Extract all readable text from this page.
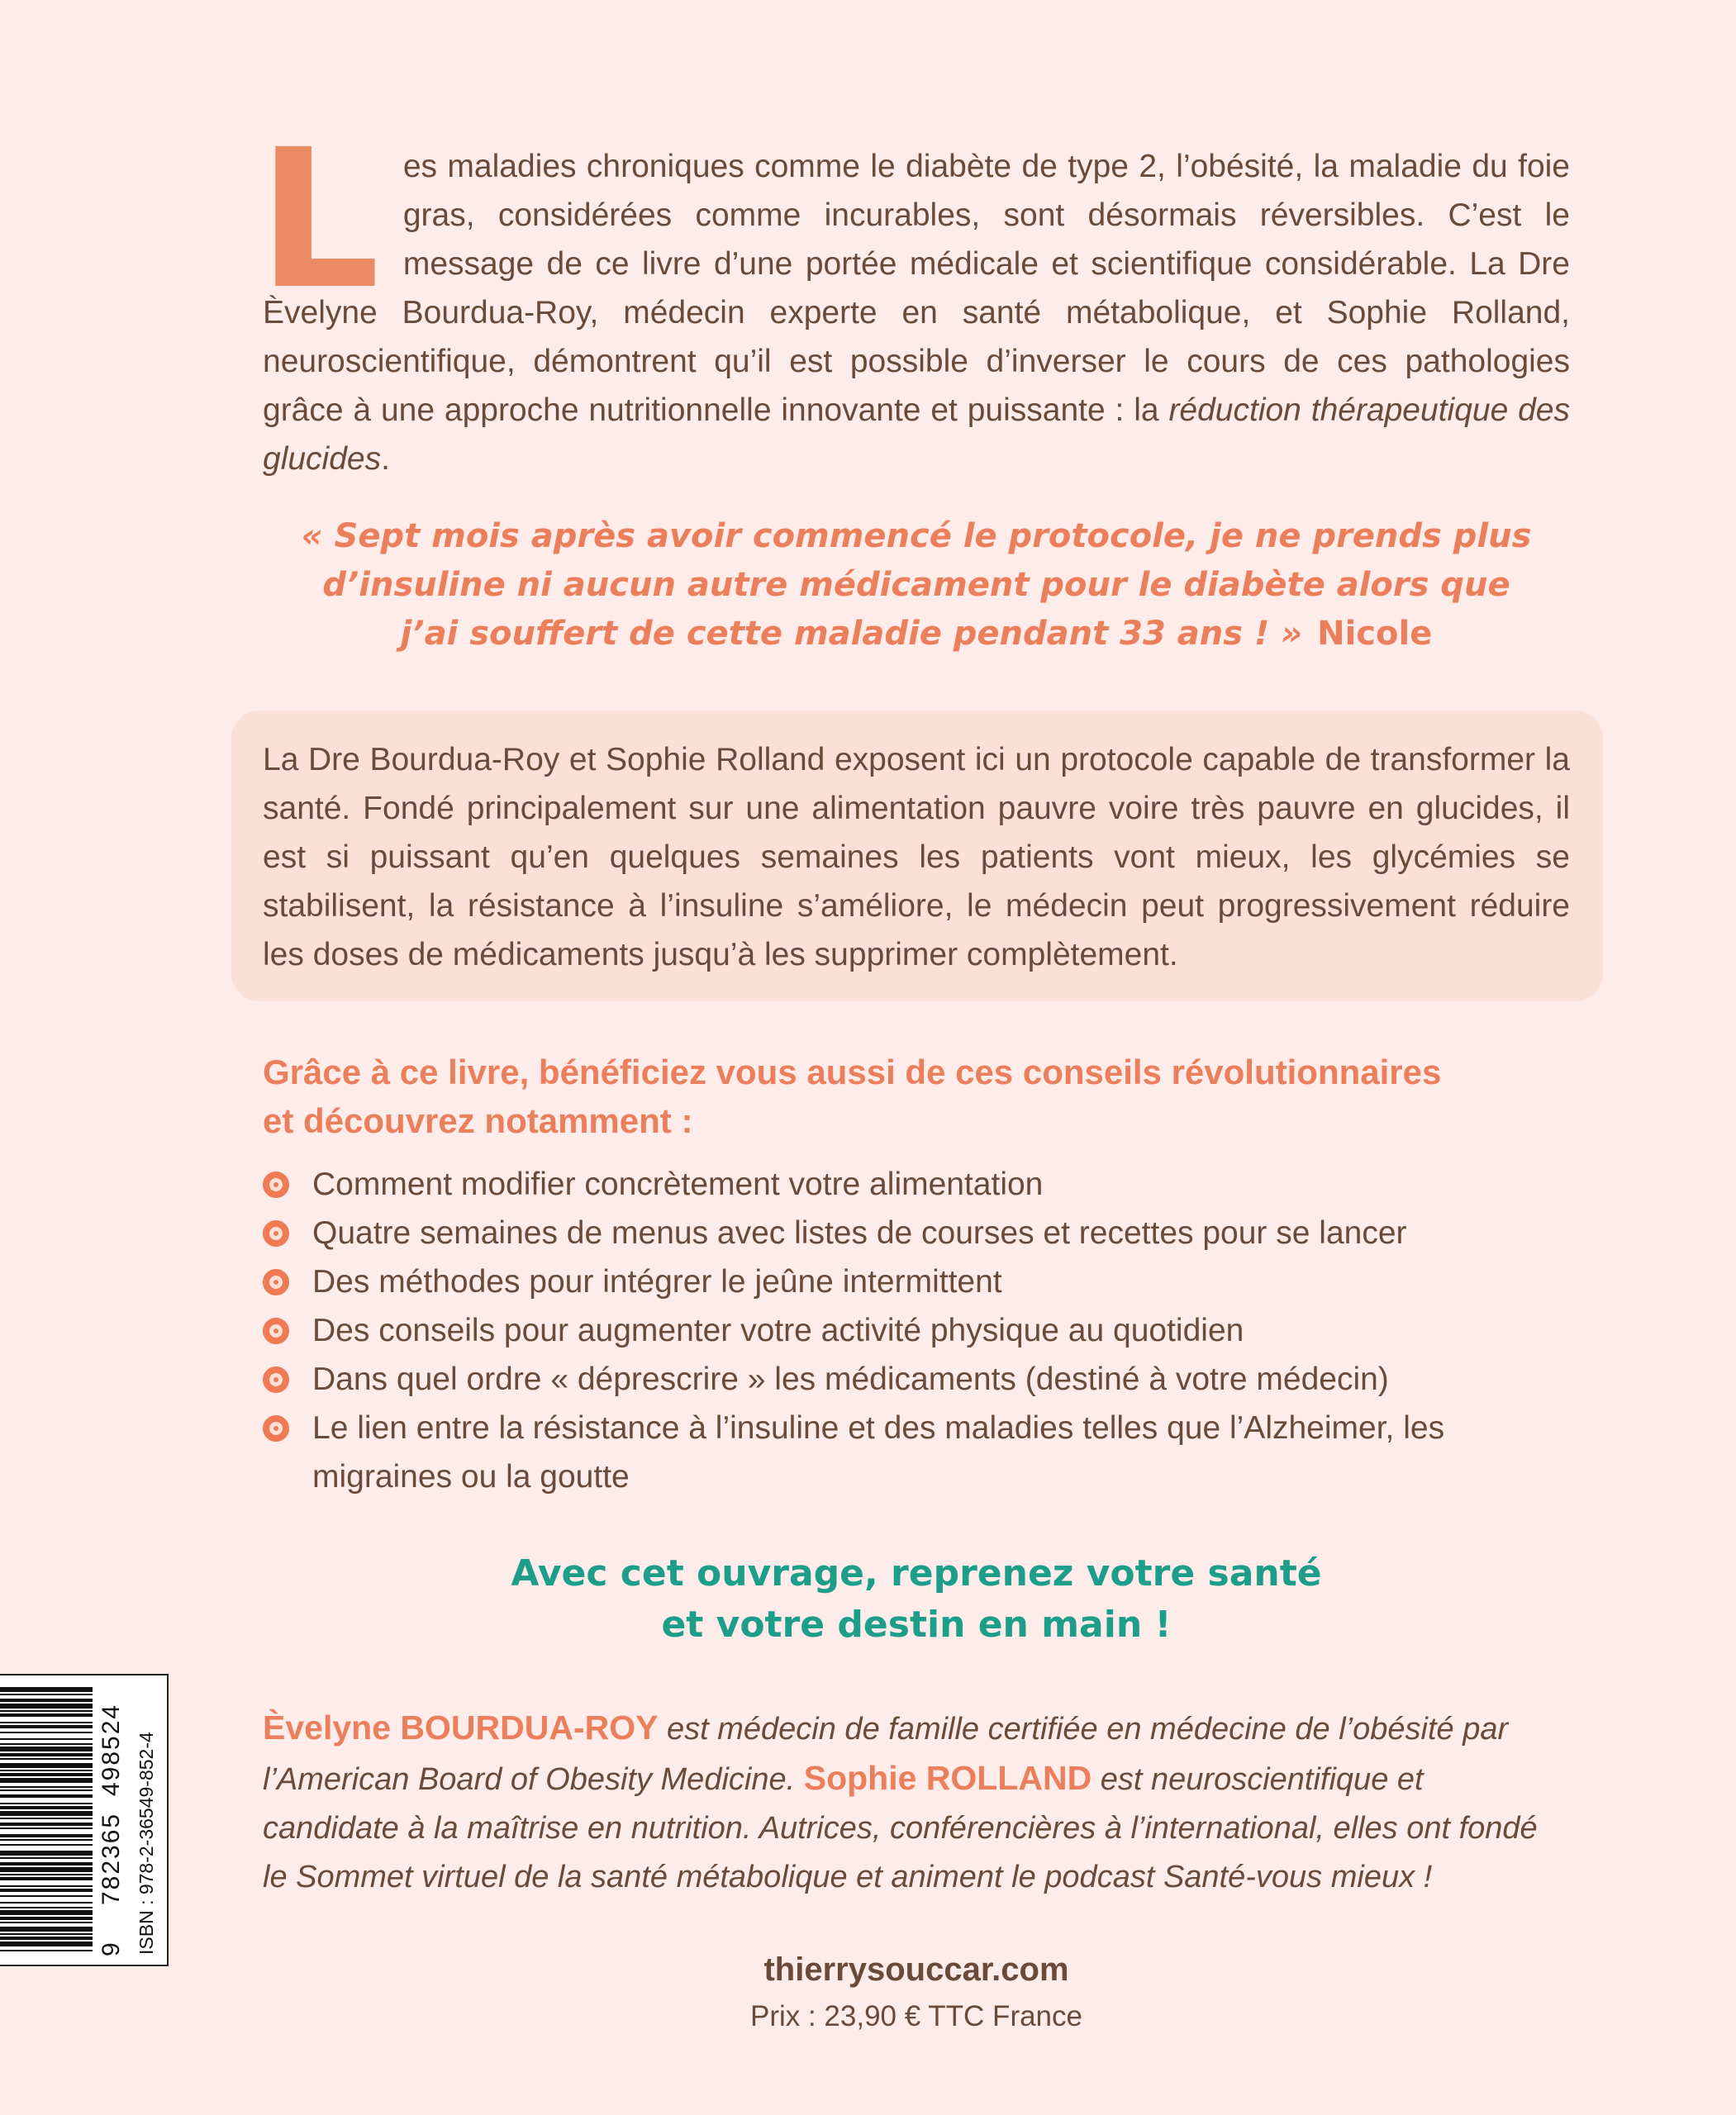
L es maladies chroniques comme le diabète de type 2, l’obésité, la maladie du foie gras, considérées comme incurables, sont désormais réversibles. C’est le message de ce livre d’une portée médicale et scientifique considérable. La Dre Èvelyne Bourdua-Roy, médecin experte en santé métabolique, et Sophie Rolland, neuroscientifique, démontrent qu’il est possible d’inverser le cours de ces pathologies grâce à une approche nutritionnelle innovante et puissante : la réduction thérapeutique des glucides.
« Sept mois après avoir commencé le protocole, je ne prends plus
d’insuline ni aucun autre médicament pour le diabète alors que
j’ai souffert de cette maladie pendant 33 ans ! » Nicole
La Dre Bourdua-Roy et Sophie Rolland exposent ici un protocole capable de transformer la santé. Fondé principalement sur une alimentation pauvre voire très pauvre en glucides, il est si puissant qu’en quelques semaines les patients vont mieux, les glycémies se stabilisent, la résistance à l’insuline s’améliore, le médecin peut progressivement réduire les doses de médicaments jusqu’à les supprimer complètement.
Grâce à ce livre, bénéficiez vous aussi de ces conseils révolutionnaires
et découvrez notamment :
Comment modifier concrètement votre alimentation
Quatre semaines de menus avec listes de courses et recettes pour se lancer
Des méthodes pour intégrer le jeûne intermittent
Des conseils pour augmenter votre activité physique au quotidien
Dans quel ordre « déprescrire » les médicaments (destiné à votre médecin)
Le lien entre la résistance à l’insuline et des maladies telles que l’Alzheimer, les migraines ou la goutte
Avec cet ouvrage, reprenez votre santé
et votre destin en main !
Èvelyne BOURDUA-ROY est médecin de famille certifiée en médecine de l’obésité par l’American Board of Obesity Medicine. Sophie ROLLAND est neuroscientifique et candidate à la maîtrise en nutrition. Autrices, conférencières à l’international, elles ont fondé le Sommet virtuel de la santé métabolique et animent le podcast Santé-vous mieux !
thierrysouccar.com
Prix : 23,90 € TTC France
9
782365
498524 ISBN : 978-2-36549-852-4
